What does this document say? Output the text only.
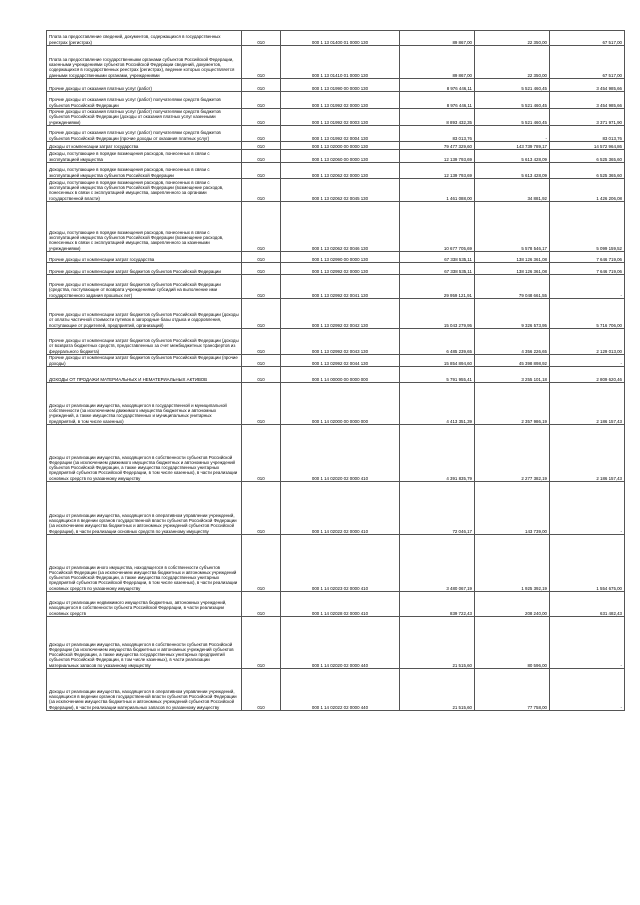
Плата за предоставление сведений, документов, содержащихся в государственных реестрах (регистрах)	010	000 1 13 01400 01 0000 130	89 867,00	22 350,00	67 517,00
Плата за предоставление государственными органами субъектов Российской Федерации, казенными учреждениями субъектов Российской Федерации сведений, документов, содержащихся в государственных реестрах (регистрах), ведение которых осуществляется данными государственными органами, учреждениями	010	000 1 13 01410 01 0000 130	89 867,00	22 350,00	67 517,00
Прочие доходы от оказания платных услуг (работ)	010	000 1 13 01990 00 0000 130	8 976 446,11	5 521 460,45	3 454 985,66
Прочие доходы от оказания платных услуг (работ) получателями средств бюджетов субъектов Российской Федерации	010	000 1 13 01992 02 0000 130	8 976 446,11	5 521 460,45	3 454 985,66
Прочие доходы от оказания платных услуг (работ) получателями средств бюджетов субъектов Российской Федерации (доходы от оказания платных услуг казенными учреждениями)	010	000 1 13 01992 02 0003 130	8 893 432,35	5 521 460,45	3 371 971,90
Прочие доходы от оказания платных услуг (работ) получателями средств бюджетов субъектов Российской Федерации (прочие доходы от оказания платных услуг)	010	000 1 13 01992 02 0004 130	83 013,76	-	83 013,76
Доходы от компенсации затрат государства	010	000 1 13 02000 00 0000 130	79 477 329,60	143 739 789,17	14 572 964,86
Доходы, поступающие в порядке возмещения расходов, понесенных в связи с эксплуатацией имущества	010	000 1 13 02060 00 0000 130	12 139 793,69	5 613 428,09	6 525 365,60
Доходы, поступающие в порядке возмещения расходов, понесенных в связи с эксплуатацией имущества субъектов Российской Федерации	010	000 1 13 02062 02 0000 130	12 139 793,69	5 613 428,09	6 525 365,60
Доходы, поступающие в порядке возмещения расходов, понесенных в связи с эксплуатацией имущества субъектов Российской Федерации (возмещение расходов, понесенных в связи с эксплуатацией имущества, закрепленного за органами государственной власти)	010	000 1 13 02062 02 0045 130	1 461 088,00	34 881,92	1 426 206,08
Доходы, поступающие в порядке возмещения расходов, понесенных в связи с эксплуатацией имущества субъектов Российской Федерации (возмещение расходов, понесенных в связи с эксплуатацией имущества, закрепленного за казенными учреждениями)	010	000 1 13 02062 02 0046 130	10 677 705,69	5 578 546,17	5 099 159,52
Прочие доходы от компенсации затрат государства	010	000 1 13 02990 00 0000 130	67 338 535,11	138 126 361,08	7 646 719,06
Прочие доходы от компенсации затрат бюджетов субъектов Российской Федерации	010	000 1 13 02992 02 0000 130	67 338 535,11	138 126 361,08	7 646 719,06
Прочие доходы от компенсации затрат бюджетов субъектов Российской Федерации (средства, поступающие от возврата учреждениями субсидий на выполнение ими государственного задания прошлых лет)	010	000 1 13 02992 02 0041 130	29 959 121,91	79 048 661,55	-
Прочие доходы от компенсации затрат бюджетов субъектов Российской Федерации (доходы от оплаты частичной стоимости путевок в загородные базы отдыха и оздоровления, поступающие от родителей, предприятий, организаций)	010	000 1 13 02992 02 0042 130	15 043 279,95	9 326 573,95	5 716 706,00
Прочие доходы от компенсации затрат бюджетов субъектов Российской Федерации (доходы от возврата бюджетных средств, предоставленных за счет межбюджетных трансфертов из федерального бюджета)	010	000 1 13 02992 02 0043 130	6 485 239,65	4 356 226,65	2 129 013,00
Прочие доходы от компенсации затрат бюджетов субъектов Российской Федерации (прочие доходы)	010	000 1 13 02992 02 0044 130	15 854 894,60	45 398 898,92	-
ДОХОДЫ ОТ ПРОДАЖИ МАТЕРИАЛЬНЫХ И НЕМАТЕРИАЛЬНЫХ АКТИВОВ	010	000 1 14 00000 00 0000 000	5 791 955,41	3 255 101,18	2 809 620,46
Доходы от реализации имущества, находящегося в государственной и муниципальной собственности (за исключением движимого имущества бюджетных и автономных учреждений, а также имущества государственных и муниципальных унитарных предприятий, в том числе казенных)	010	000 1 14 02000 00 0000 000	4 413 351,39	2 357 986,19	2 186 157,43
Доходы от реализации имущества, находящегося в собственности субъектов Российской Федерации (за исключением движимого имущества бюджетных и автономных учреждений субъектов Российской Федерации, а также имущества государственных унитарных предприятий субъектов Российской Федерации, в том числе казенных), в части реализации основных средств по указанному имуществу	010	000 1 14 02020 02 0000 410	4 391 835,79	2 277 382,19	2 186 157,43
Доходы от реализации имущества, находящегося в оперативном управлении учреждений, находящихся в ведении органов государственной власти субъектов Российской Федерации (за исключением имущества бюджетных и автономных учреждений субъектов Российской Федерации), в части реализации основных средств по указанному имуществу	010	000 1 14 02022 02 0000 410	72 046,17	143 739,00	-
Доходы от реализации иного имущества, находящегося в собственности субъектов Российской Федерации (за исключением имущества бюджетных и автономных учреждений субъектов Российской Федерации, а также имущества государственных унитарных предприятий субъектов Российской Федерации, в том числе казенных), в части реализации основных средств по указанному имуществу	010	000 1 14 02023 02 0000 410	3 480 067,19	1 925 392,19	1 554 675,00
Доходы от реализации недвижимого имущества бюджетных, автономных учреждений, находящегося в собственности субъекта Российской Федерации, в части реализации основных средств	010	000 1 14 02028 02 0000 410	839 722,43	208 240,00	631 482,43
Доходы от реализации имущества, находящегося в собственности субъектов Российской Федерации (за исключением имущества бюджетных и автономных учреждений субъектов Российской Федерации, а также имущества государственных унитарных предприятий субъектов Российской Федерации, в том числе казенных), в части реализации материальных запасов по указанному имуществу	010	000 1 14 02020 02 0000 440	21 515,60	80 596,00	-
Доходы от реализации имущества, находящегося в оперативном управлении учреждений, находящихся в ведении органов государственной власти субъектов Российской Федерации (за исключением имущества бюджетных и автономных учреждений субъектов Российской Федерации), в части реализации материальных запасов по указанному имуществу	010	000 1 14 02022 02 0000 440	21 515,60	77 758,00	-
